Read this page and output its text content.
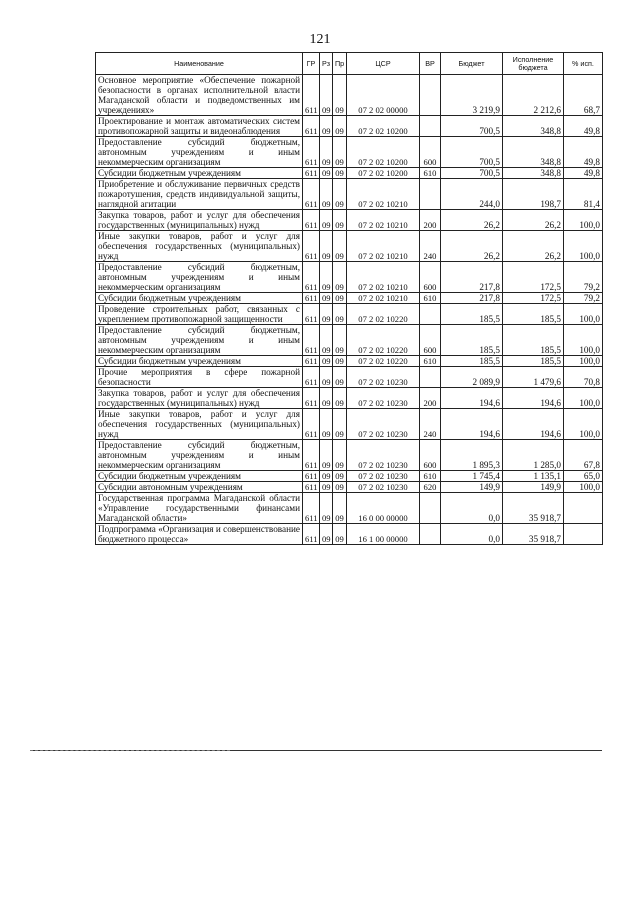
121
Наименование	ГР	Рз	Пр	ЦСР	ВР	Бюджет	Исполнение бюджета	% исп.
Основное мероприятие «Обеспечение пожарной безопасности в органах исполнительной власти Магаданской области и подведомственных им учреждениях»	611	09	09	07 2 02 00000		3 219,9	2 212,6	68,7
Проектирование и монтаж автоматических систем противопожарной защиты и видеонаблюдения	611	09	09	07 2 02 10200		700,5	348,8	49,8
Предоставление субсидий бюджетным, автономным учреждениям и иным некоммерческим организациям	611	09	09	07 2 02 10200	600	700,5	348,8	49,8
Субсидии бюджетным учреждениям	611	09	09	07 2 02 10200	610	700,5	348,8	49,8
Приобретение и обслуживание первичных средств пожаротушения, средств индивидуальной защиты, наглядной агитации	611	09	09	07 2 02 10210		244,0	198,7	81,4
Закупка товаров, работ и услуг для обеспечения государственных (муниципальных) нужд	611	09	09	07 2 02 10210	200	26,2	26,2	100,0
Иные закупки товаров, работ и услуг для обеспечения государственных (муниципальных) нужд	611	09	09	07 2 02 10210	240	26,2	26,2	100,0
Предоставление субсидий бюджетным, автономным учреждениям и иным некоммерческим организациям	611	09	09	07 2 02 10210	600	217,8	172,5	79,2
Субсидии бюджетным учреждениям	611	09	09	07 2 02 10210	610	217,8	172,5	79,2
Проведение строительных работ, связанных с укреплением противопожарной защищенности	611	09	09	07 2 02 10220		185,5	185,5	100,0
Предоставление субсидий бюджетным, автономным учреждениям и иным некоммерческим организациям	611	09	09	07 2 02 10220	600	185,5	185,5	100,0
Субсидии бюджетным учреждениям	611	09	09	07 2 02 10220	610	185,5	185,5	100,0
Прочие мероприятия в сфере пожарной безопасности	611	09	09	07 2 02 10230		2 089,9	1 479,6	70,8
Закупка товаров, работ и услуг для обеспечения государственных (муниципальных) нужд	611	09	09	07 2 02 10230	200	194,6	194,6	100,0
Иные закупки товаров, работ и услуг для обеспечения государственных (муниципальных) нужд	611	09	09	07 2 02 10230	240	194,6	194,6	100,0
Предоставление субсидий бюджетным, автономным учреждениям и иным некоммерческим организациям	611	09	09	07 2 02 10230	600	1 895,3	1 285,0	67,8
Субсидии бюджетным учреждениям	611	09	09	07 2 02 10230	610	1 745,4	1 135,1	65,0
Субсидии автономным учреждениям	611	09	09	07 2 02 10230	620	149,9	149,9	100,0
Государственная программа Магаданской области «Управление государственными финансами Магаданской области»	611	09	09	16 0 00 00000		0,0	35 918,7	
Подпрограмма «Организация и совершенствование бюджетного процесса»	611	09	09	16 1 00 00000		0,0	35 918,7	
